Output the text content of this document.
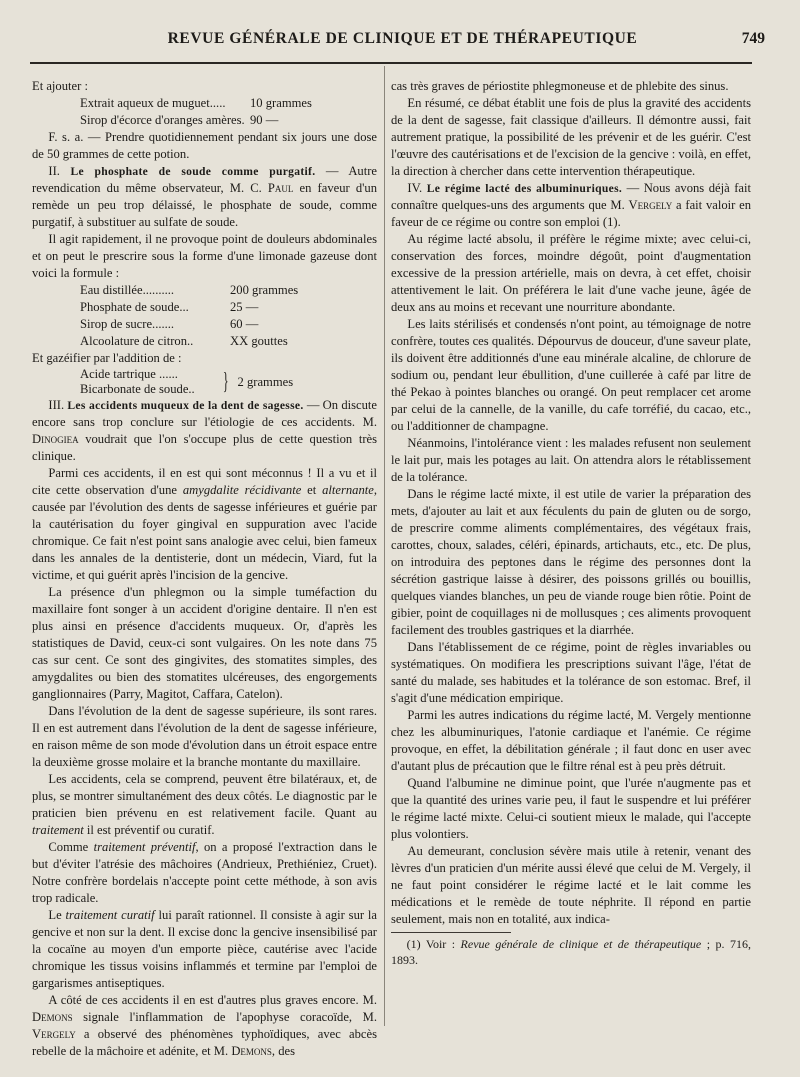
REVUE GÉNÉRALE DE CLINIQUE ET DE THÉRAPEUTIQUE	749

Et ajouter :

Extrait aqueux de muguet.....	10 grammes
Sirop d'écorce d'oranges amères. 90 —

F. s. a. — Prendre quotidiennement pendant six jours une dose de 50 grammes de cette potion.

II. Le phosphate de soude comme purgatif. — Autre revendication du même observateur, M. C. Paul en faveur d'un remède un peu trop délaissé, le phosphate de soude, comme purgatif, à substituer au sulfate de soude.

Il agit rapidement, il ne provoque point de douleurs abdominales et on peut le prescrire sous la forme d'une limonade gazeuse dont voici la formule :

Eau distillée..........	200 grammes
Phosphate de soude...	25 —
Sirop de sucre.......	60 —
Alcoolature de citron..	XX gouttes

Et gazéifier par l'addition de :

Acide tartrique ......
Bicarbonate de soude..	} 2 grammes

III. Les accidents muqueux de la dent de sagesse. — On discute encore sans trop conclure sur l'étiologie de ces accidents. M. Dinogiea voudrait que l'on s'occupe plus de cette question très clinique.

Parmi ces accidents, il en est qui sont méconnus ! Il a vu et il cite cette observation d'une amygdalite récidivante et alternante, causée par l'évolution des dents de sagesse inférieures et guérie par la cautérisation du foyer gingival en suppuration avec l'acide chromique. Ce fait n'est point sans analogie avec celui, bien fameux dans les annales de la dentisterie, dont un médecin, Viard, fut la victime, et qui guérit après l'incision de la gencive.

La présence d'un phlegmon ou la simple tuméfaction du maxillaire font songer à un accident d'origine dentaire. Il n'en est plus ainsi en présence d'accidents muqueux. Or, d'après les statistiques de David, ceux-ci sont vulgaires. On les note dans 75 cas sur cent. Ce sont des gingivites, des stomatites simples, des amygdalites ou bien des stomatites ulcéreuses, des engorgements ganglionnaires (Parry, Magitot, Caffara, Catelon).

Dans l'évolution de la dent de sagesse supérieure, ils sont rares. Il en est autrement dans l'évolution de la dent de sagesse inférieure, en raison même de son mode d'évolution dans un étroit espace entre la deuxième grosse molaire et la branche montante du maxillaire.

Les accidents, cela se comprend, peuvent être bilatéraux, et, de plus, se montrer simultanément des deux côtés. Le diagnostic par le praticien bien prévenu en est relativement facile. Quant au traitement il est préventif ou curatif.

Comme traitement préventif, on a proposé l'extraction dans le but d'éviter l'atrésie des mâchoires (Andrieux, Prethiéniez, Cruet). Notre confrère bordelais n'accepte point cette méthode, à son avis trop radicale.

Le traitement curatif lui paraît rationnel. Il consiste à agir sur la gencive et non sur la dent. Il excise donc la gencive insensibilisé par la cocaïne au moyen d'un emporte pièce, cautérise avec l'acide chromique les tissus voisins inflammés et termine par l'emploi de gargarismes antiseptiques.

A côté de ces accidents il en est d'autres plus graves encore. M. Demons signale l'inflammation de l'apophyse coracoïde, M. Vergely a observé des phénomènes typhoïdiques, avec abcès rebelle de la mâchoire et adénite, et M. Demons, des

cas très graves de périostite phlegmoneuse et de phlebite des sinus.

En résumé, ce débat établit une fois de plus la gravité des accidents de la dent de sagesse, fait classique d'ailleurs. Il démontre aussi, fait autrement pratique, la possibilité de les prévenir et de les guérir. C'est l'œuvre des cautérisations et de l'excision de la gencive : voilà, en effet, la direction à chercher dans cette intervention thérapeutique.

IV. Le régime lacté des albuminuriques. — Nous avons déjà fait connaître quelques-uns des arguments que M. Vergely a fait valoir en faveur de ce régime ou contre son emploi (1).

Au régime lacté absolu, il préfère le régime mixte; avec celui-ci, conservation des forces, moindre dégoût, point d'augmentation excessive de la pression artérielle, mais on devra, à cet effet, choisir attentivement le lait. On préférera le lait d'une vache jeune, âgée de deux ans au moins et recevant une nourriture abondante.

Les laits stérilisés et condensés n'ont point, au témoignage de notre confrère, toutes ces qualités. Dépourvus de douceur, d'une saveur plate, ils doivent être additionnés d'une eau minérale alcaline, de chlorure de sodium ou, pendant leur ébullition, d'une cuillerée à café par litre de thé Pekao à pointes blanches ou orangé. On peut remplacer cet arome par celui de la cannelle, de la vanille, du cafe torréfié, du cacao, etc., ou l'additionner de champagne.

Néanmoins, l'intolérance vient : les malades refusent non seulement le lait pur, mais les potages au lait. On attendra alors le rétablissement de la tolérance.

Dans le régime lacté mixte, il est utile de varier la préparation des mets, d'ajouter au lait et aux féculents du pain de gluten ou de sorgo, de prescrire comme aliments complémentaires, des végétaux frais, carottes, choux, salades, céléri, épinards, artichauts, etc., etc. De plus, on introduira des peptones dans le régime des personnes dont la sécrétion gastrique laisse à désirer, des poissons grillés ou bouillis, quelques viandes blanches, un peu de viande rouge bien rôtie. Point de gibier, point de coquillages ni de mollusques ; ces aliments provoquent facilement des troubles gastriques et la diarrhée.

Dans l'établissement de ce régime, point de règles invariables ou systématiques. On modifiera les prescriptions suivant l'âge, l'état de santé du malade, ses habitudes et la tolérance de son estomac. Bref, il s'agit d'une médication empirique.

Parmi les autres indications du régime lacté, M. Vergely mentionne chez les albuminuriques, l'atonie cardiaque et l'anémie. Ce régime provoque, en effet, la débilitation générale ; il faut donc en user avec d'autant plus de précaution que le filtre rénal est à peu près détruit.

Quand l'albumine ne diminue point, que l'urée n'augmente pas et que la quantité des urines varie peu, il faut le suspendre et lui préférer le régime lacté mixte. Celui-ci soutient mieux le malade, qui l'accepte plus volontiers.

Au demeurant, conclusion sévère mais utile à retenir, venant des lèvres d'un praticien d'un mérite aussi élevé que celui de M. Vergely, il ne faut point considérer le régime lacté et le lait comme les médications et le remède de toute néphrite. Il répond en partie seulement, mais non en totalité, aux indica-

(1) Voir : Revue générale de clinique et de thérapeutique ; p. 716, 1893.
